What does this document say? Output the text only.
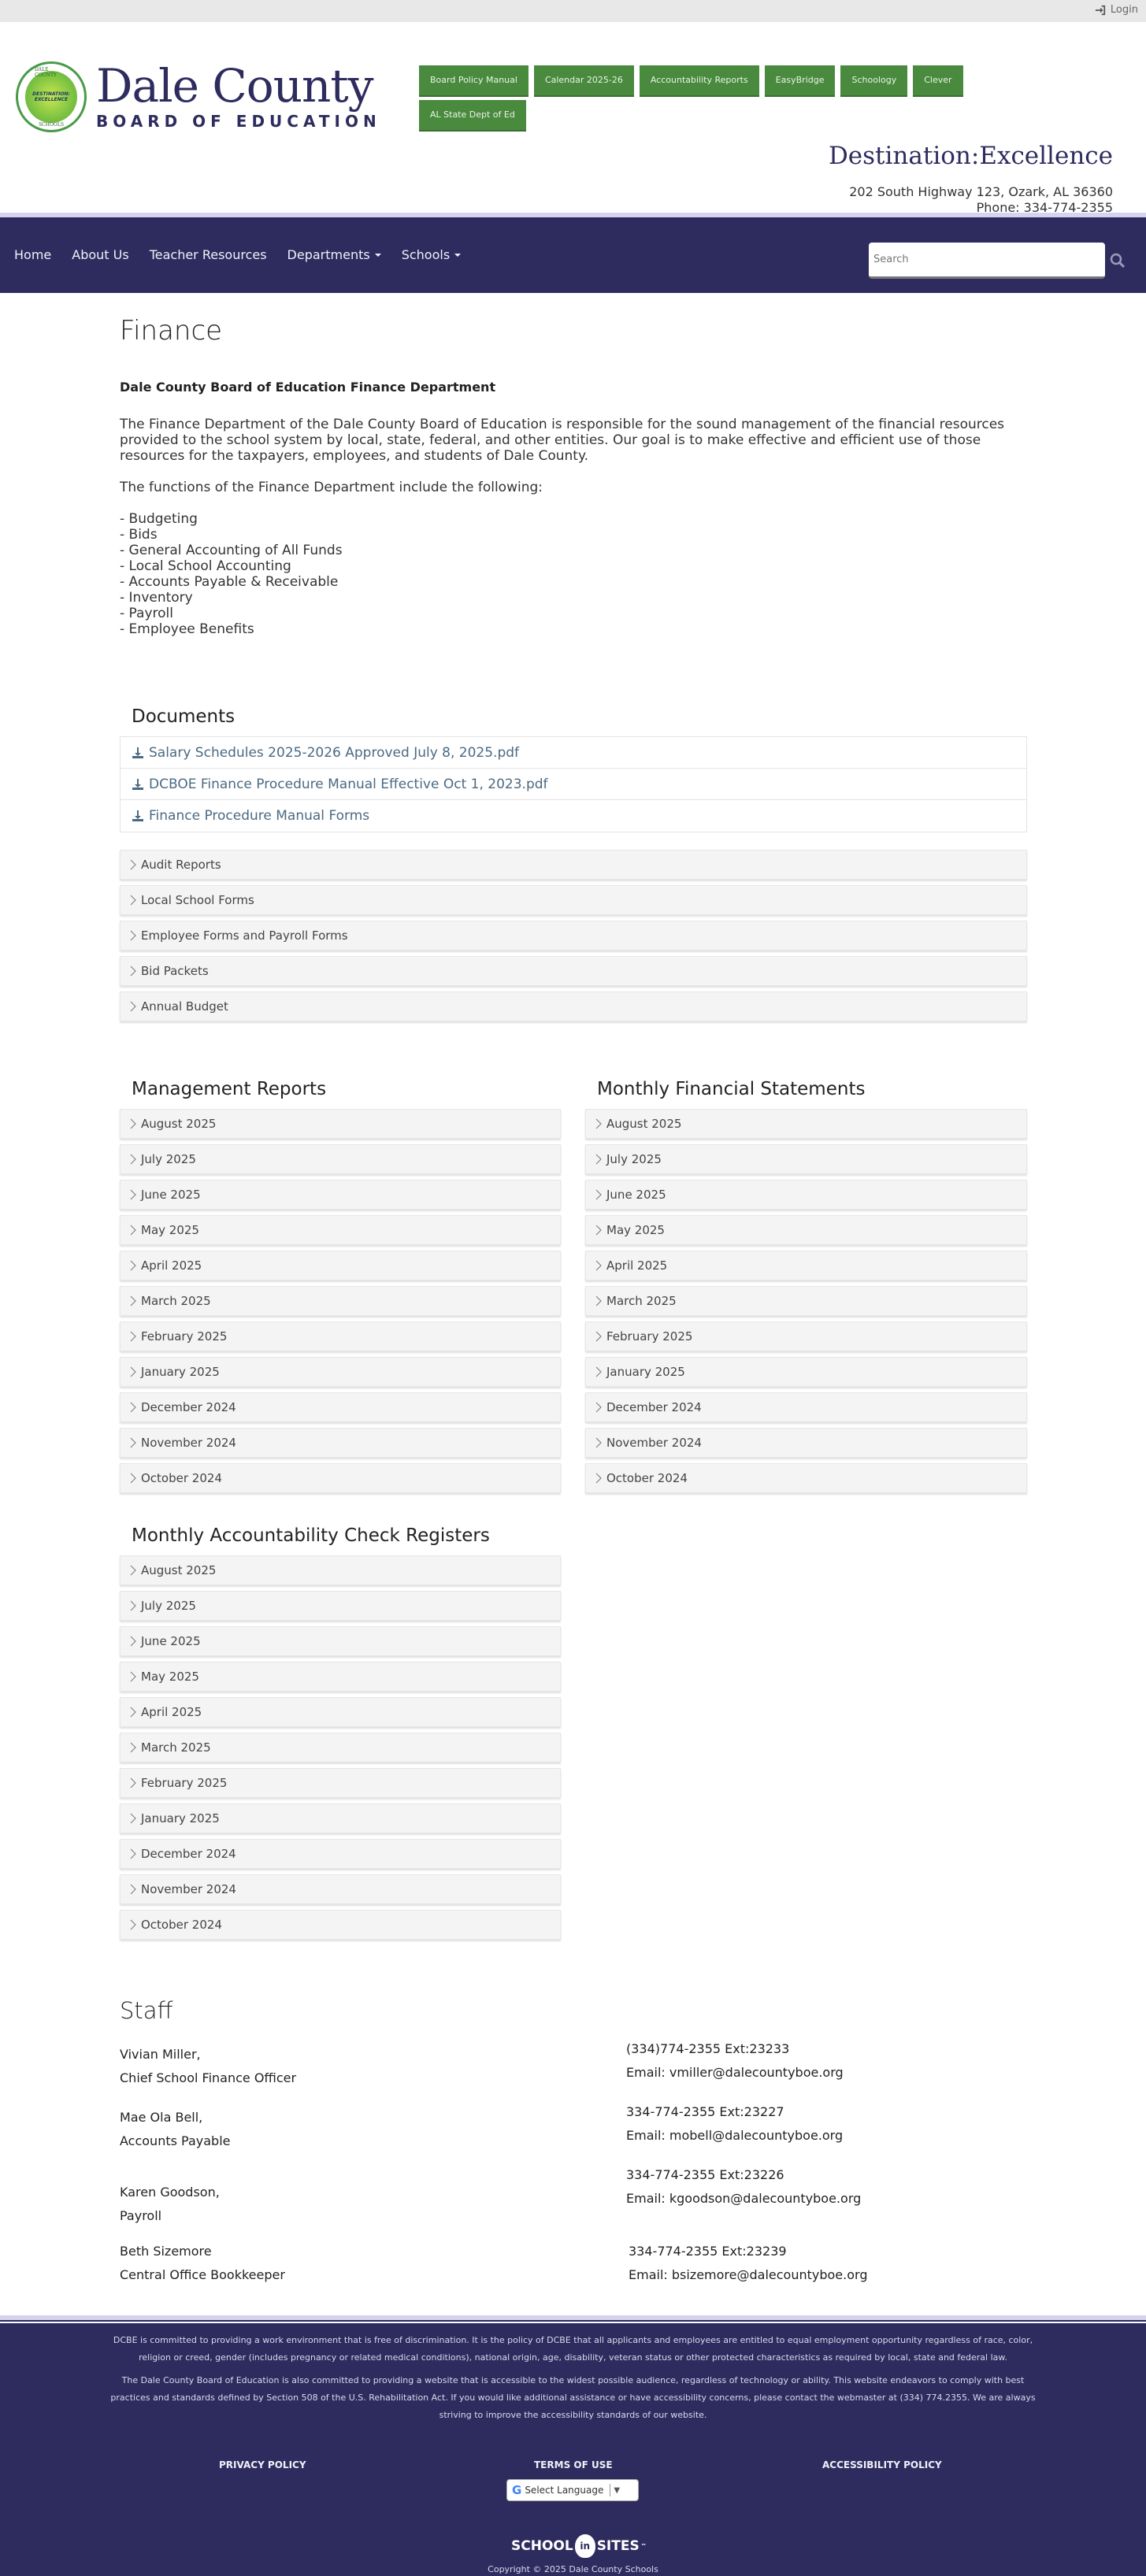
Login
DALE COUNTY
DESTINATION:
EXCELLENCE
SCHOOLS
Dale County
BOARD OF EDUCATION
Board Policy Manual	Calendar 2025-26	Accountability Reports	EasyBridge	Schoology	Clever
AL State Dept of Ed
Destination:Excellence
202 South Highway 123, Ozark, AL 36360
Phone: 334-774-2355
Home About Us Teacher Resources Departments	Schools
Search
Finance
Dale County Board of Education Finance Department

The Finance Department of the Dale County Board of Education is responsible for the sound management of the financial resources provided to the school system by local, state, federal, and other entities. Our goal is to make effective and efficient use of those resources for the taxpayers, employees, and students of Dale County.

The functions of the Finance Department include the following:

- Budgeting
- Bids
- General Accounting of All Funds
- Local School Accounting
- Accounts Payable & Receivable
- Inventory
- Payroll
- Employee Benefits
Documents
Salary Schedules 2025-2026 Approved July 8, 2025.pdf
DCBOE Finance Procedure Manual Effective Oct 1, 2023.pdf
Finance Procedure Manual Forms
Audit Reports
Local School Forms
Employee Forms and Payroll Forms
Bid Packets
Annual Budget
Management Reports
August 2025
July 2025
June 2025
May 2025
April 2025
March 2025
February 2025
January 2025
December 2024
November 2024
October 2024
Monthly Financial Statements
August 2025
July 2025
June 2025
May 2025
April 2025
March 2025
February 2025
January 2025
December 2024
November 2024
October 2024
Monthly Accountability Check Registers
August 2025
July 2025
June 2025
May 2025
April 2025
March 2025
February 2025
January 2025
December 2024
November 2024
October 2024
Staff
Vivian Miller,
Chief School Finance Officer
(334)774-2355 Ext:23233
Email: vmiller@dalecountyboe.org
Mae Ola Bell,
Accounts Payable
334-774-2355 Ext:23227
Email: mobell@dalecountyboe.org
Karen Goodson,
Payroll
334-774-2355 Ext:23226
Email: kgoodson@dalecountyboe.org
Beth Sizemore
Central Office Bookkeeper
334-774-2355 Ext:23239
Email: bsizemore@dalecountyboe.org

DCBE is committed to providing a work environment that is free of discrimination. It is the policy of DCBE that all applicants and employees are entitled to equal employment opportunity regardless of race, color, religion or creed, gender (includes pregnancy or related medical conditions), national origin, age, disability, veteran status or other protected characteristics as required by local, state and federal law.

The Dale County Board of Education is also committed to providing a website that is accessible to the widest possible audience, regardless of technology or ability. This website endeavors to comply with best practices and standards defined by Section 508 of the U.S. Rehabilitation Act. If you would like additional assistance or have accessibility concerns, please contact the webmaster at (334) 774.2355. We are always striving to improve the accessibility standards of our website.

PRIVACY POLICY	TERMS OF USE	ACCESSIBILITY POLICY
G Select Language ▼
SCHOOL in SITES ™
Copyright © 2025 Dale County Schools
